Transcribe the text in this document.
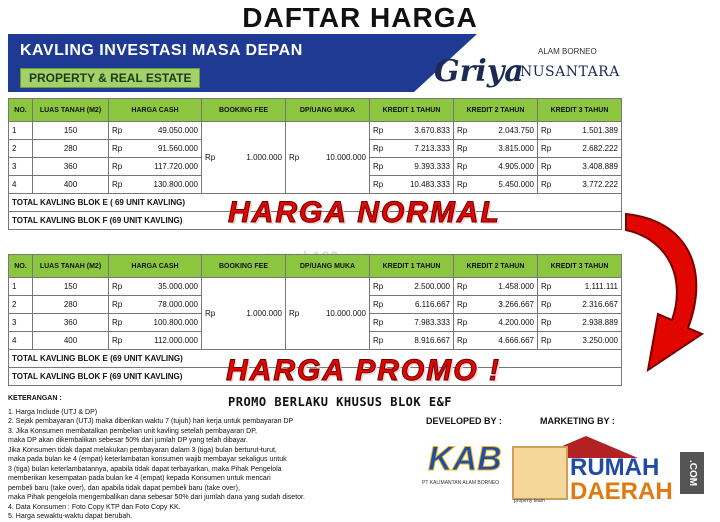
DAFTAR HARGA
KAVLING INVESTASI MASA DEPAN
PROPERTY & REAL ESTATE
ALAM BORNEO
Griya
NUSANTARA
NO.	LUAS TANAH (M2)	HARGA CASH	BOOKING FEE	DP/UANG MUKA	KREDIT 1 TAHUN	KREDIT 2 TAHUN	KREDIT 3 TAHUN
1	150	Rp 49.050.000	Rp 1.000.000	Rp 10.000.000	Rp 3.670.833	Rp 2.043.750	Rp 1.501.389

2	280	Rp 91.560.000			Rp 7.213.333	Rp 3.815.000	Rp 2.682.222

3	360	Rp 117.720.000			Rp 9.393.333	Rp 4.905.000	Rp 3.408.889

4	400	Rp 130.800.000			Rp 10.483.333	Rp 5.450.000	Rp 3.772.222

TOTAL KAVLING BLOK E ( 69 UNIT KAVLING)							
TOTAL KAVLING BLOK F (69 UNIT KAVLING)							HARGA NORMAL
NO.	LUAS TANAH (M2)	HARGA CASH	BOOKING FEE	DP/UANG MUKA	KREDIT 1 TAHUN	KREDIT 2 TAHUN	KREDIT 3 TAHUN
1	150	Rp 35.000.000	Rp 1.000.000	Rp 10.000.000	Rp 2.500.000	Rp 1.458.000	Rp 1.111.111

2	280	Rp 78.000.000			Rp 6.116.667	Rp 3.266.667	Rp 2.316.667

3	360	Rp 100.800.000			Rp 7.983.333	Rp 4.200.000	Rp 2.938.889

4	400	Rp 112.000.000			Rp 8.916.667	Rp 4.666.667	Rp 3.250.000

TOTAL KAVLING BLOK E (69 UNIT KAVLING)							
TOTAL KAVLING BLOK F (69 UNIT KAVLING)							HARGA PROMO !
PROMO BERLAKU KHUSUS BLOK E&F
KETERANGAN :
1. Harga Include (UTJ & DP)
2. Sejak pembayaran (UTJ) maka diberikan waktu 7 (tujuh) hari kerja untuk pembayaran DP
3. Jika Konsumen membatalkan pembelian unit kavling setelah pembayaran DP,
maka DP akan dikembalikan sebesar 50% dari jumlah DP yang telah dibayar.
Jika Konsumen tidak dapat melakukan pembayaran dalam 3 (tiga) bulan berturut-turut,
maka pada bulan ke 4 (empat) keterlambatan konsumen wajib membayar sekaligus untuk
3 (tiga) bulan keterlambatannya, apabila tidak dapat terbayarkan, maka Pihak Pengelola
memberikan kesempatan pada bulan ke 4 (empat) kepada Konsumen untuk mencari
pembeli baru (take over), dan apabila tidak dapat pembeli baru (take over),
maka Pihak pengelola mengembalikan dana sebesar 50% dari jumlah dana yang sudah disetor.
4. Data Konsumen : Foto Copy KTP dan Foto Copy KK.
5. Harga sewaktu-waktu dapat berubah.
DEVELOPED BY :	MARKETING BY :
KAB
PT KALIMANTAN ALAM BORNEO
RUMAH
DAERAH
.COM
property team
